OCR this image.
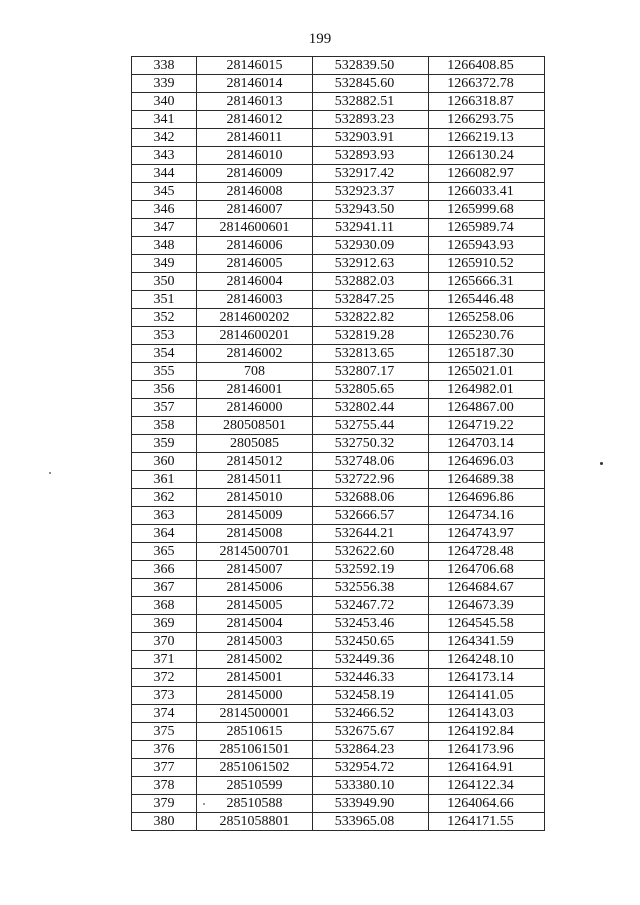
199
338	28146015	532839.50	1266408.85
339	28146014	532845.60	1266372.78
340	28146013	532882.51	1266318.87
341	28146012	532893.23	1266293.75
342	28146011	532903.91	1266219.13
343	28146010	532893.93	1266130.24
344	28146009	532917.42	1266082.97
345	28146008	532923.37	1266033.41
346	28146007	532943.50	1265999.68
347	2814600601	532941.11	1265989.74
348	28146006	532930.09	1265943.93
349	28146005	532912.63	1265910.52
350	28146004	532882.03	1265666.31
351	28146003	532847.25	1265446.48
352	2814600202	532822.82	1265258.06
353	2814600201	532819.28	1265230.76
354	28146002	532813.65	1265187.30
355	708	532807.17	1265021.01
356	28146001	532805.65	1264982.01
357	28146000	532802.44	1264867.00
358	280508501	532755.44	1264719.22
359	2805085	532750.32	1264703.14
360	28145012	532748.06	1264696.03
361	28145011	532722.96	1264689.38
362	28145010	532688.06	1264696.86
363	28145009	532666.57	1264734.16
364	28145008	532644.21	1264743.97
365	2814500701	532622.60	1264728.48
366	28145007	532592.19	1264706.68
367	28145006	532556.38	1264684.67
368	28145005	532467.72	1264673.39
369	28145004	532453.46	1264545.58
370	28145003	532450.65	1264341.59
371	28145002	532449.36	1264248.10
372	28145001	532446.33	1264173.14
373	28145000	532458.19	1264141.05
374	2814500001	532466.52	1264143.03
375	28510615	532675.67	1264192.84
376	2851061501	532864.23	1264173.96
377	2851061502	532954.72	1264164.91
378	28510599	533380.10	1264122.34
379	28510588	533949.90	1264064.66
380	2851058801	533965.08	1264171.55
